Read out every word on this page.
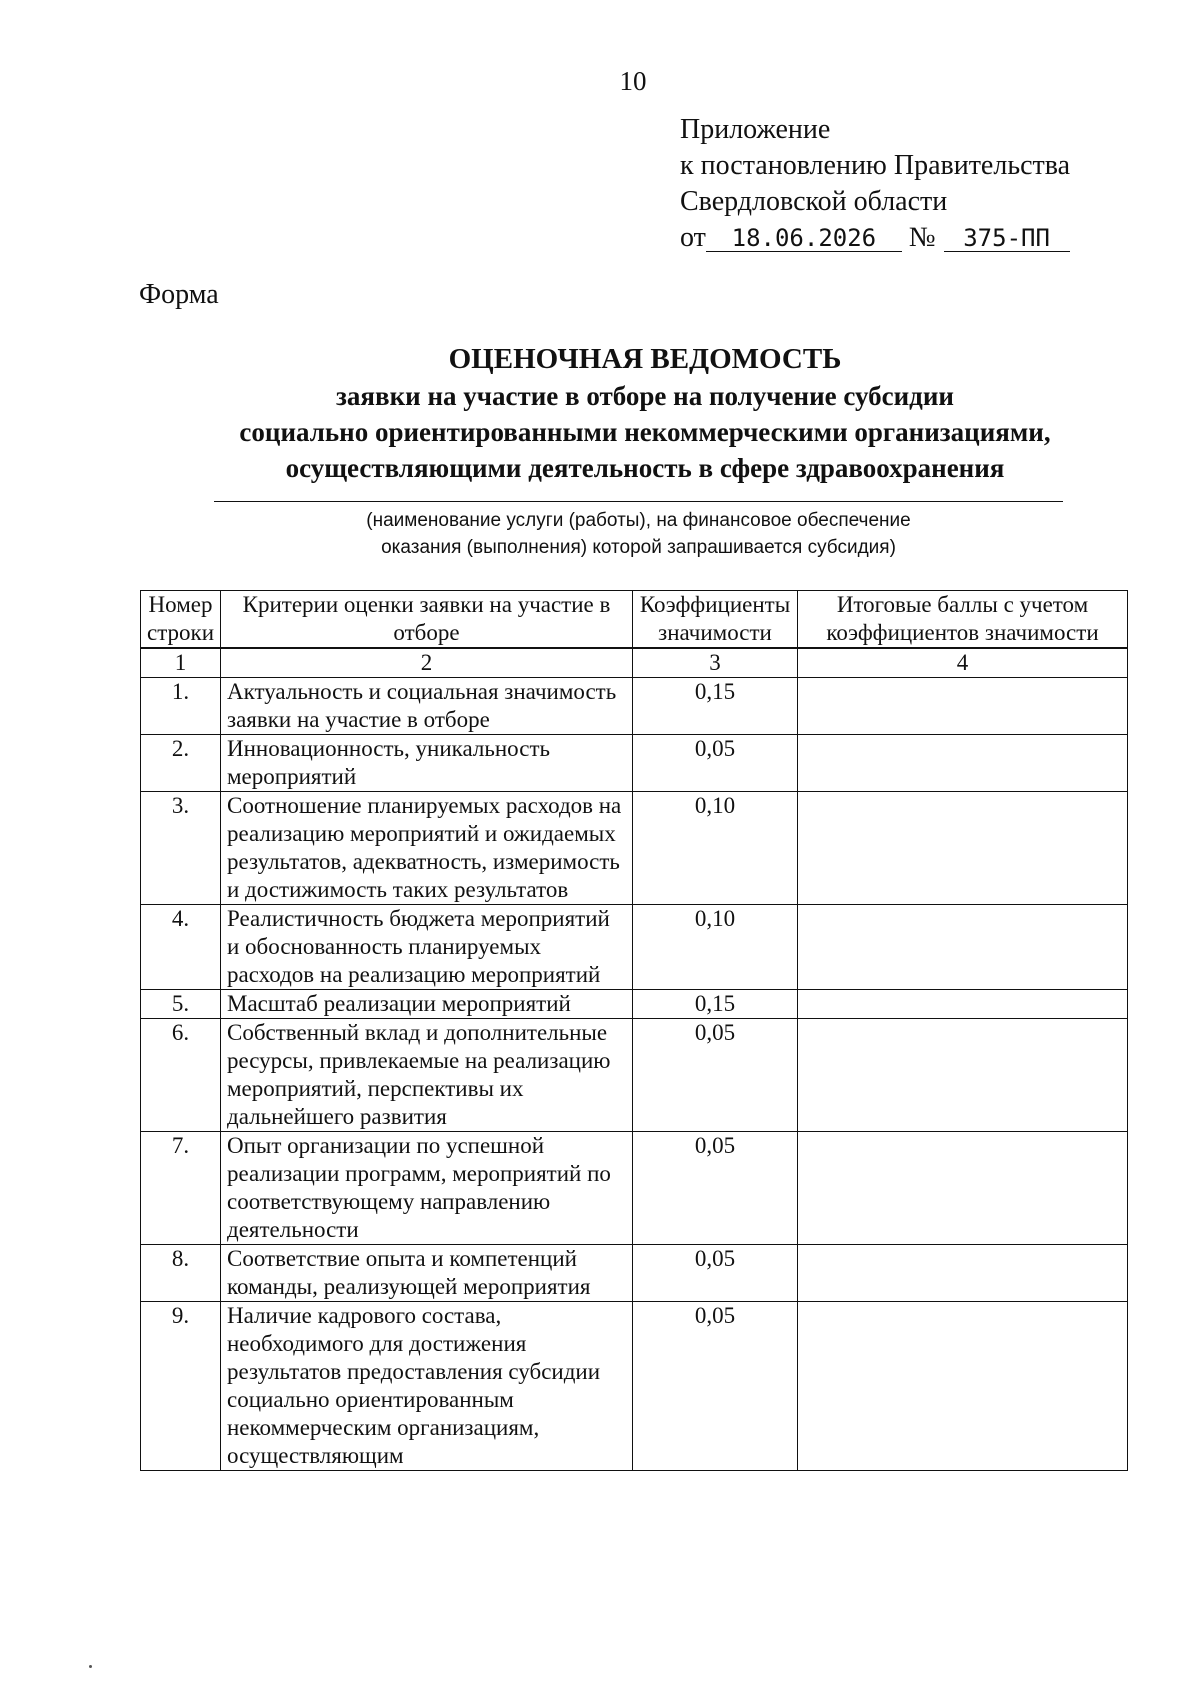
10
Приложение
к постановлению Правительства
Свердловской области
от 18.06.2026 № 375-ПП
Форма
ОЦЕНОЧНАЯ ВЕДОМОСТЬ
заявки на участие в отборе на получение субсидии
социально ориентированными некоммерческими организациями,
осуществляющими деятельность в сфере здравоохранения
(наименование услуги (работы), на финансовое обеспечение
оказания (выполнения) которой запрашивается субсидия)
Номер строки	Критерии оценки заявки на участие в отборе	Коэффициенты значимости	Итоговые баллы с учетом коэффициентов значимости

1	2	3	4
1.	Актуальность и социальная значимость заявки на участие в отборе	0,15	
2.	Инновационность, уникальность мероприятий	0,05	
3.	Соотношение планируемых расходов на реализацию мероприятий и ожидаемых результатов, адекватность, измеримость и достижимость таких результатов	0,10	
4.	Реалистичность бюджета мероприятий и обоснованность планируемых расходов на реализацию мероприятий	0,10	
5.	Масштаб реализации мероприятий	0,15	
6.	Собственный вклад и дополнительные ресурсы, привлекаемые на реализацию мероприятий, перспективы их дальнейшего развития	0,05	
7.	Опыт организации по успешной реализации программ, мероприятий по соответствующему направлению деятельности	0,05	
8.	Соответствие опыта и компетенций команды, реализующей мероприятия	0,05	
9.	Наличие кадрового состава, необходимого для достижения результатов предоставления субсидии социально ориентированным некоммерческим организациям, осуществляющим	0,05	
